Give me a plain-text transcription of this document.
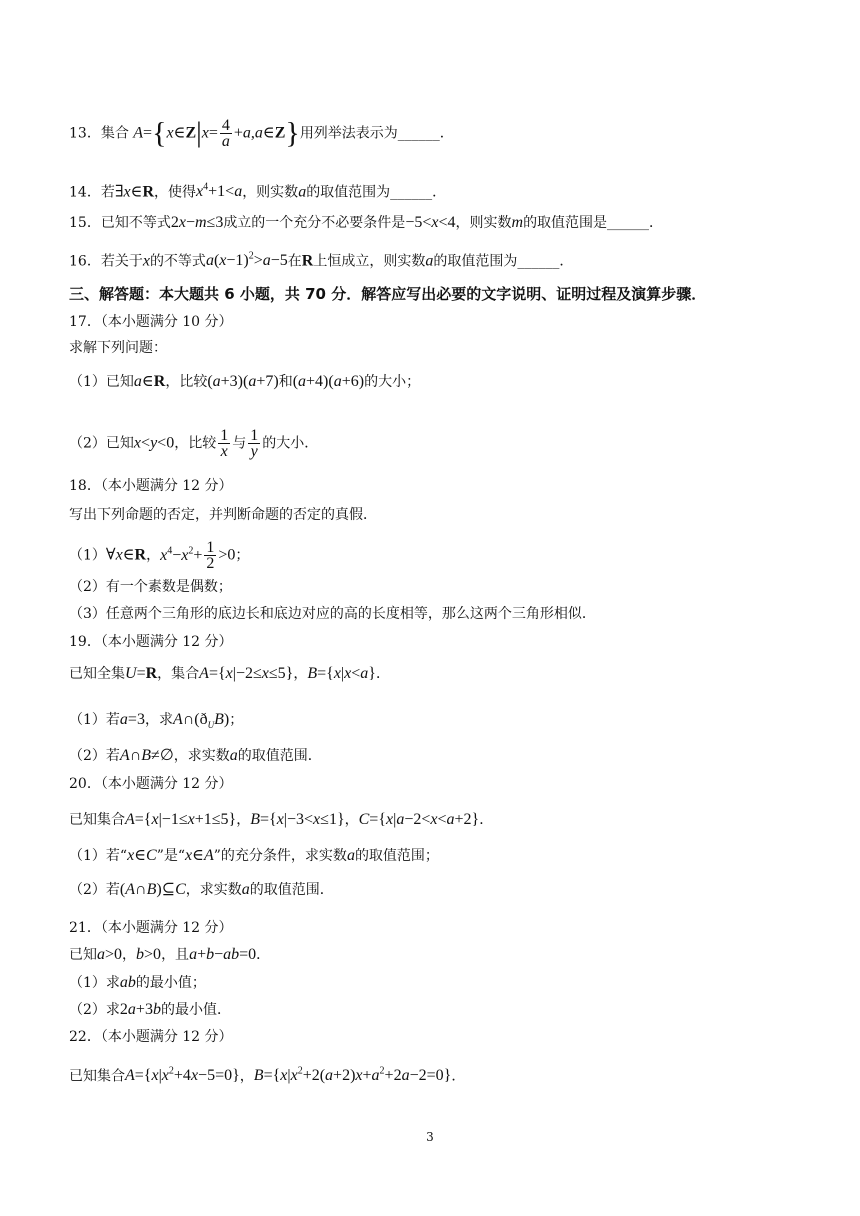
13．集合 A={x∈Z|x= $\frac{4}{a}$ +a,a∈Z}用列举法表示为______．
14．若∃x∈R，使得$x^4+1<a$，则实数a的取值范围为______．
15．已知不等式2x−m≤3成立的一个充分不必要条件是−5<x<4，则实数m的取值范围是______．
16．若关于x的不等式$a(x-1)^2>a-5$在R上恒成立，则实数a的取值范围为______．
三、解答题：本大题共 6 小题，共 70 分．解答应写出必要的文字说明、证明过程及演算步骤．
17．（本小题满分 10 分）
求解下列问题：
（1）已知a∈R，比较(a+3)(a+7)和(a+4)(a+6)的大小；
（2）已知x<y<0，比较 $\frac{1}{x}$ 与 $\frac{1}{y}$ 的大小．
18．（本小题满分 12 分）
写出下列命题的否定，并判断命题的否定的真假．
（1）∀x∈R，$x^4-x^2+ \frac{1}{2} >0$；
（2）有一个素数是偶数；
（3）任意两个三角形的底边长和底边对应的高的长度相等，那么这两个三角形相似．
19．（本小题满分 12 分）
已知全集U=R，集合A={x|−2≤x≤5}，B={x|x<a}．
（1）若a=3，求$A\cap(ð_UB)$；
（2）若A∩B≠∅，求实数a的取值范围．
20．（本小题满分 12 分）
已知集合A={x|−1≤x+1≤5}，B={x|−3<x≤1}，C={x|a−2<x<a+2}．
（1）若“x∈C”是“x∈A”的充分条件，求实数a的取值范围；
（2）若(A∩B)⊆C，求实数a的取值范围．
21．（本小题满分 12 分）
已知a>0，b>0，且a+b−ab=0．
（1）求ab的最小值；
（2）求2a+3b的最小值．
22．（本小题满分 12 分）
已知集合$A=\{x|x^2+4x-5=0\}$，$B=\{x|x^2+2(a+2)x+a^2+2a-2=0\}$．
3
